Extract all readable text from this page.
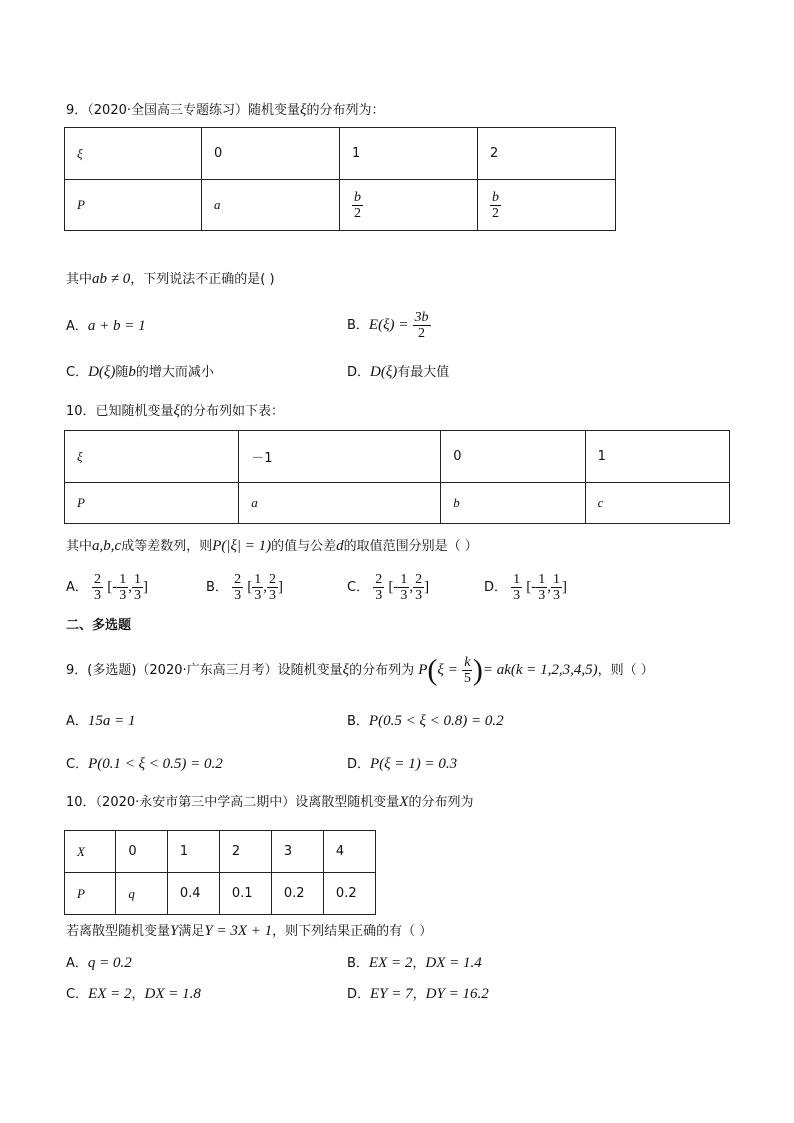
9．（2020·全国高三专题练习）随机变量ξ的分布列为：
ξ	0	1	2
P	a	$\frac{b}{2}$	$\frac{b}{2}$
其中ab ≠ 0，下列说法不正确的是( )
A．a + b = 1	B．$E(\xi) = \frac{3b}{2}$
C．D(ξ)随b的增大而减小	D．D(ξ)有最大值
10．已知随机变量ξ的分布列如下表：
ξ	－1	0	1
P	a	b	c
其中a,b,c成等差数列，则P(|ξ| = 1)的值与公差d的取值范围分别是（ ）
A． $\frac{2}{3}$ [- $\frac{1}{3}$ , $\frac{1}{3}$ ]	B． $\frac{2}{3}$ [ $\frac{1}{3}$ , $\frac{2}{3}$ ]	C． $\frac{2}{3}$ [- $\frac{1}{3}$ , $\frac{2}{3}$ ]	D． $\frac{1}{3}$ [- $\frac{1}{3}$ , $\frac{1}{3}$ ]
二、多选题
9．(多选题)（2020·广东高三月考）设随机变量ξ的分布列为 $P(\xi = \frac{k}{5}$ )= ak(k = 1,2,3,4,5)，则（ ）
A．15a = 1	B．P(0.5 < ξ < 0.8) = 0.2
C．P(0.1 < ξ < 0.5) = 0.2	D．P(ξ = 1) = 0.3
10．（2020·永安市第三中学高二期中）设离散型随机变量X的分布列为
X	0	1	2	3	4
P	q	0.4	0.1	0.2	0.2
若离散型随机变量Y满足Y = 3X + 1，则下列结果正确的有（ ）
A．q = 0.2	B．EX = 2，DX = 1.4
C．EX = 2，DX = 1.8	D．EY = 7，DY = 16.2
